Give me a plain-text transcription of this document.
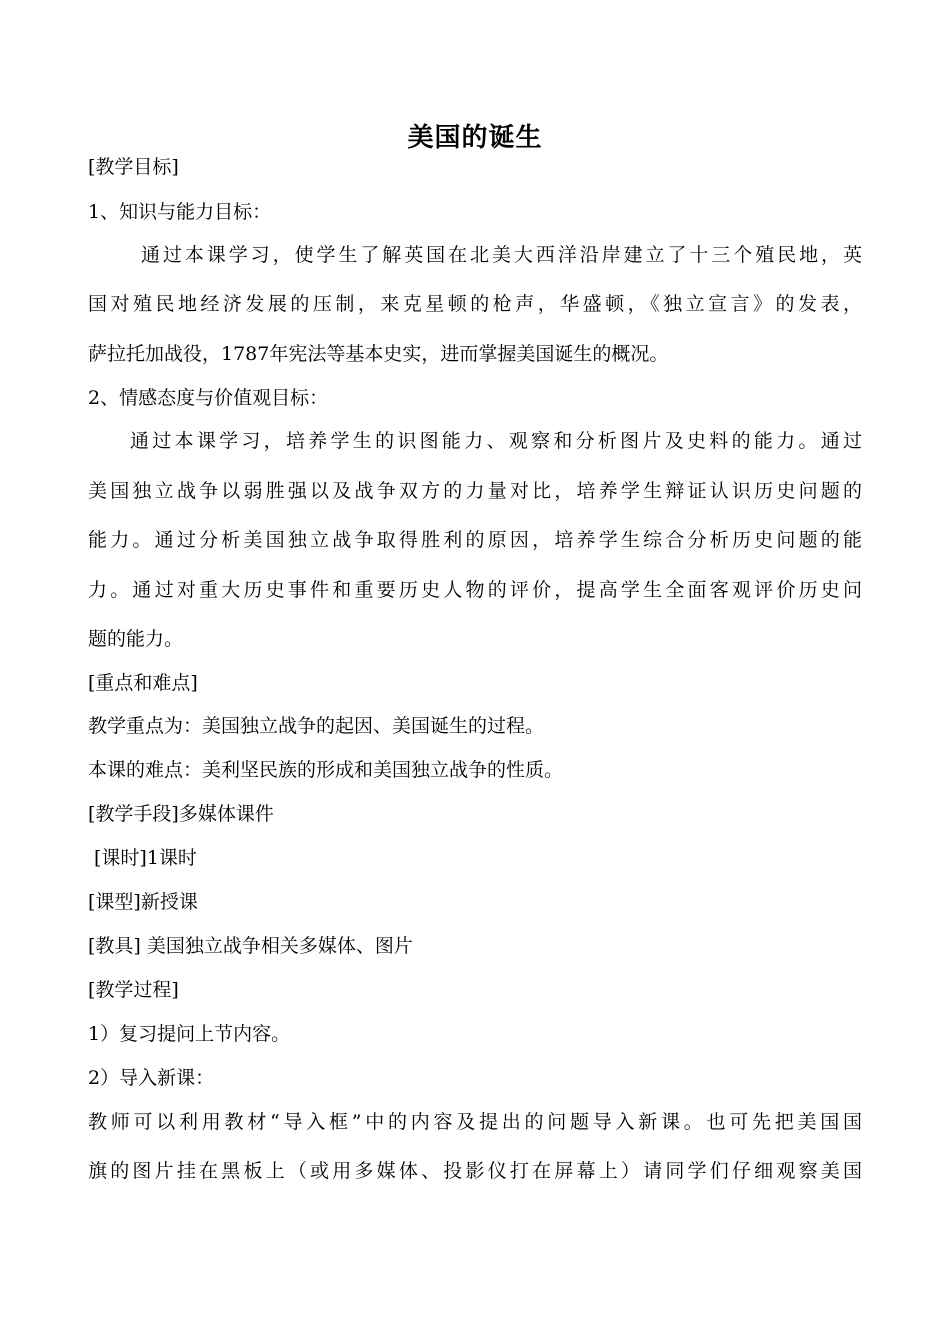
美国的诞生
[教学目标]
1、知识与能力目标：
通过本课学习，使学生了解英国在北美大西洋沿岸建立了十三个殖民地，英
国对殖民地经济发展的压制，来克星顿的枪声，华盛顿，《独立宣言》的发表，
萨拉托加战役，1787年宪法等基本史实，进而掌握美国诞生的概况。
2、情感态度与价值观目标：
通过本课学习，培养学生的识图能力、观察和分析图片及史料的能力。通过
美国独立战争以弱胜强以及战争双方的力量对比，培养学生辩证认识历史问题的
能力。通过分析美国独立战争取得胜利的原因，培养学生综合分析历史问题的能
力。通过对重大历史事件和重要历史人物的评价，提高学生全面客观评价历史问
题的能力。
[重点和难点]
教学重点为：美国独立战争的起因、美国诞生的过程。
本课的难点：美利坚民族的形成和美国独立战争的性质。
[教学手段]多媒体课件
[课时]1课时
[课型]新授课
[教具] 美国独立战争相关多媒体、图片
[教学过程]
1）复习提问上节内容。
2）导入新课：
教师可以利用教材“导入框”中的内容及提出的问题导入新课。也可先把美国国
旗的图片挂在黑板上（或用多媒体、投影仪打在屏幕上）请同学们仔细观察美国
